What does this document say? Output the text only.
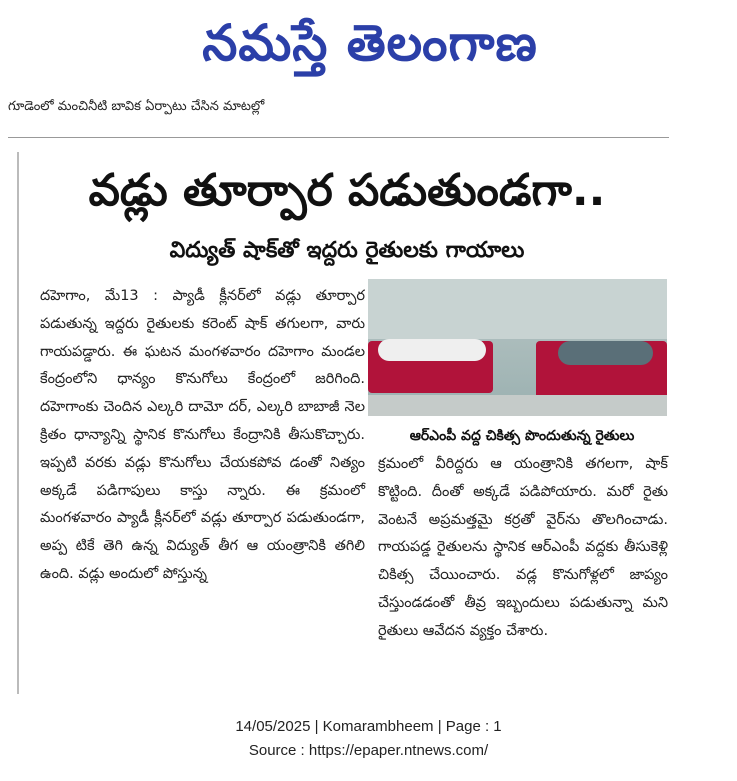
నమస్తే తెలంగాణ
గూడెంలో మంచినీటి బావిక ఏర్పాటు చేసిన మాటల్లో
వడ్లు తూర్పార పడుతుండగా..
విద్యుత్ షాక్‌తో ఇద్దరు రైతులకు గాయాలు

దహెగాం, మే13 : ప్యాడీ క్లీనర్‌లో వడ్లు తూర్పార పడుతున్న ఇద్దరు రైతులకు కరెంట్ షాక్ తగులగా, వారు గాయపడ్డారు. ఈ ఘటన మంగళవారం దహెగాం మండల కేంద్రంలోని ధాన్యం కొనుగోలు కేంద్రంలో జరిగింది. దహెగాంకు చెందిన ఎల్కరి దామో దర్, ఎల్కరి బాబాజీ నెల క్రితం ధాన్యాన్ని స్థానిక కొనుగోలు కేంద్రానికి తీసుకొచ్చారు. ఇప్పటి వరకు వడ్లు కొనుగోలు చేయకపోవ డంతో నిత్యం అక్కడే పడిగాపులు కాస్తు న్నారు. ఈ క్రమంలో మంగళవారం ప్యాడీ క్లీనర్‌లో వడ్లు తూర్పార పడుతుండగా, అప్ప టికే తెగి ఉన్న విద్యుత్ తీగ ఆ యంత్రానికి తగిలి ఉంది. వడ్లు అందులో పోస్తున్న

ఆర్‌ఎంపీ వద్ద చికిత్స పొందుతున్న రైతులు

క్రమంలో వీరిద్దరు ఆ యంత్రానికి తగలగా, షాక్ కొట్టింది. దీంతో అక్కడే పడిపోయారు. మరో రైతు వెంటనే అప్రమత్తమై కర్రతో వైర్‌ను తొలగించాడు. గాయపడ్డ రైతులను స్థానిక ఆర్‌ఎంపీ వద్దకు తీసుకెళ్లి చికిత్స చేయించారు. వడ్ల కొనుగోళ్లలో జాప్యం చేస్తుండడంతో తీవ్ర ఇబ్బందులు పడుతున్నా మని రైతులు ఆవేదన వ్యక్తం చేశారు.

14/05/2025 | Komarambheem | Page : 1
Source : https://epaper.ntnews.com/
